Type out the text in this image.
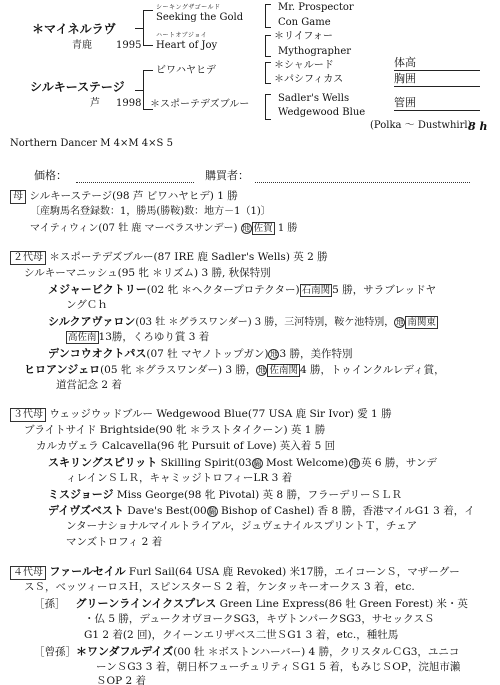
＊マイネルラヴ
青鹿 1995
シルキーステージ
芦 1998
シーキングザゴールド
Seeking the Gold
ハートオブジョイ
Heart of Joy
ビワハヤヒデ
＊スポーテデズブルー
Mr. Prospector
Con Game
＊リイフォー
Mythographer
＊シャルード
＊パシフィカス
Sadler's Wells
Wedgewood Blue
体高
胸囲
管囲
(Polka ～ Dustwhirl)
8 h
Northern Dancer M 4×M 4×S 5
価格：	購買者：
母 シルキーステージ(98 芦 ビワハヤヒデ) 1 勝
〔産駒馬名登録数：1，勝馬(勝鞍)数：地方－1（1)〕
マイティウィン(07 牡 鹿 マーベラスサンデー) 地 佐賀 1 勝
２代母 ＊スポーテデズブルー(87 IRE 鹿 Sadler's Wells) 英 2 勝
シルキーマニッシュ(95 牝 ＊リズム) 3 勝, 秋保特別
メジャービクトリー(02 牝 ＊ヘクタープロテクター) 石南関 5 勝，サラブレッドヤ
ングＣｈ
シルクアヴァロン(03 牡 ＊グラスワンダー) 3 勝，三河特別，鞍ケ池特別， 地 南関東
高佐南 13勝，くろゆり賞 3 着
デンコウオクトパス(07 牡 マヤノトップガン) 地 3 勝，美作特別
ヒロアンジェロ(05 牝 ＊グラスワンダー) 3 勝， 地 佐南関 4 勝，トゥインクルレディ賞，
道営記念 2 着
３代母 ウェッジウッドブルー Wedgewood Blue(77 USA 鹿 Sir Ivor) 愛 1 勝
ブライトサイド Brightside(90 牝 ＊ラストタイクーン) 英 1 勝
カルカヴェラ Calcavella(96 牝 Pursuit of Love) 英入着 5 回
スキリングスピリット Skilling Spirit(03 騸 Most Welcome) 地 英 6 勝，サンデ
ィレインＳＬＲ，キャミッジトロフィーLR 3 着
ミスジョージ Miss George(98 牝 Pivotal) 英 8 勝，フラーデリーＳＬＲ
デイヴズベスト Dave's Best(00 騸 Bishop of Cashel) 香 8 勝，香港マイルG1 3 着，イ
ンターナショナルマイルトライアル，ジュヴェナイルスプリントＴ，チェア
マンズトロフィ 2 着
４代母 ファールセイル Furl Sail(64 USA 鹿 Revoked) 米17勝，エイコーンＳ，マザーグー
スＳ，ベッツィーロスＨ，スピンスターＳ 2 着，ケンタッキーオークス 3 着，etc.
［孫］ グリーンラインイクスプレス Green Line Express(86 牡 Green Forest) 米・英
・仏 5 勝，デュークオヴヨークSG3，キヴトンパークSG3，サセックスＳ
G1 2 着(2 回)，クイーンエリザベス二世ＳG1 3 着，etc.，種牡馬
［曾孫］＊ワンダフルデイズ(00 牡 ＊ボストンハーバー) 4 勝，クリスタルＣG3，ユニコ
ーンＳG3 3 着，朝日杯フューチュリティＳG1 5 着，もみじＳOP，浣旭市瀨
ＳOP 2 着
